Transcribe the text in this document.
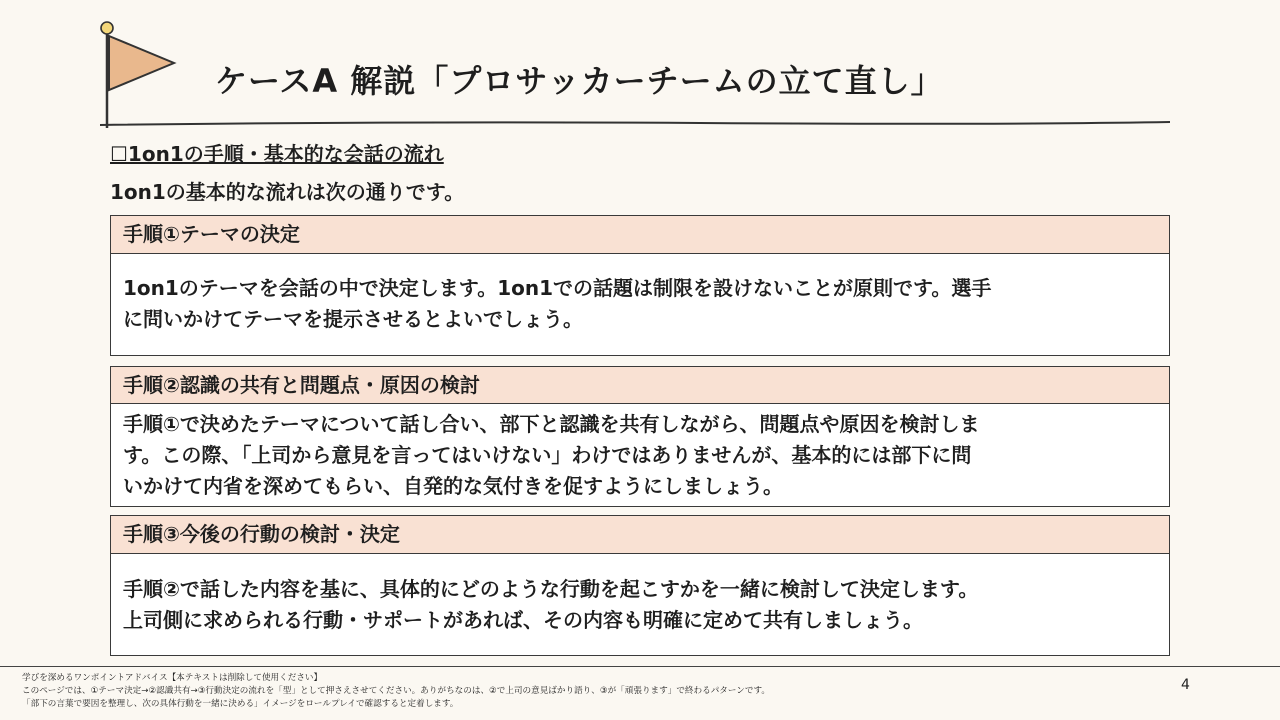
ケースA 解説「プロサッカーチームの立て直し」
☐1on1の手順・基本的な会話の流れ
1on1の基本的な流れは次の通りです。
手順①テーマの決定
1on1のテーマを会話の中で決定します。1on1での話題は制限を設けないことが原則です。選手
に問いかけてテーマを提示させるとよいでしょう。
手順②認識の共有と問題点・原因の検討
手順①で決めたテーマについて話し合い、部下と認識を共有しながら、問題点や原因を検討しま
す。この際、「上司から意見を言ってはいけない」わけではありませんが、基本的には部下に問
いかけて内省を深めてもらい、自発的な気付きを促すようにしましょう。
手順③今後の行動の検討・決定
手順②で話した内容を基に、具体的にどのような行動を起こすかを一緒に検討して決定します。
上司側に求められる行動・サポートがあれば、その内容も明確に定めて共有しましょう。
学びを深めるワンポイントアドバイス【本テキストは削除して使用ください】
このページでは、①テーマ決定→②認識共有→③行動決定の流れを「型」として押さえさせてください。ありがちなのは、②で上司の意見ばかり語り、③が「頑張ります」で終わるパターンです。
「部下の言葉で要因を整理し、次の具体行動を一緒に決める」イメージをロールプレイで確認すると定着します。
4
